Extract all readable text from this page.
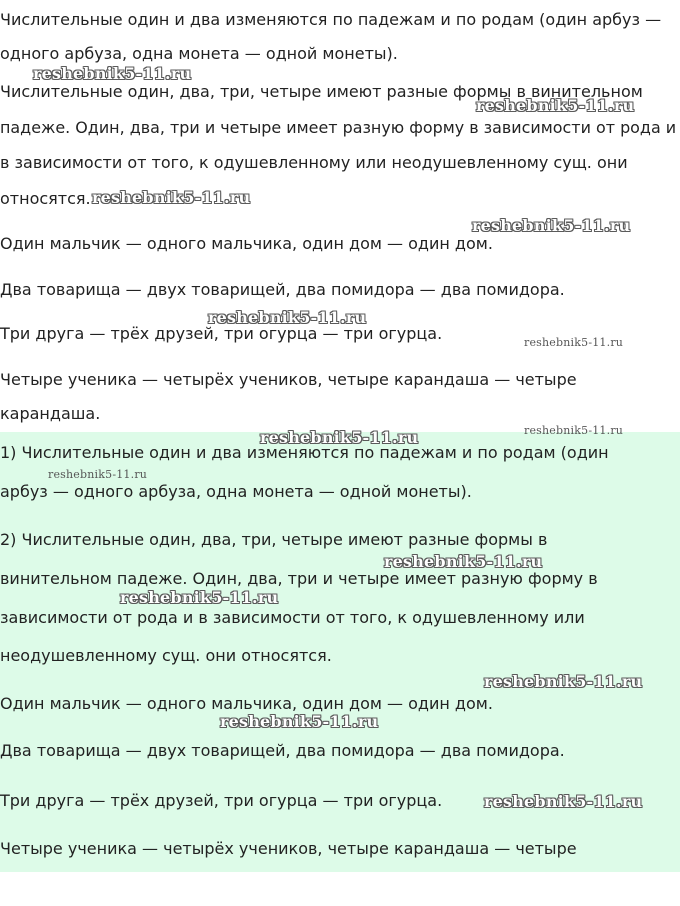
Числительные один и два изменяются по падежам и по родам (один арбуз —
одного арбуза, одна монета — одной монеты).
Числительные один, два, три, четыре имеют разные формы в винительном
падеже. Один, два, три и четыре имеет разную форму в зависимости от рода и
в зависимости от того, к одушевленному или неодушевленному сущ. они
относятся.
Один мальчик — одного мальчика, один дом — один дом.
Два товарища — двух товарищей, два помидора — два помидора.
Три друга — трёх друзей, три огурца — три огурца.
Четыре ученика — четырёх учеников, четыре карандаша — четыре
карандаша.
1) Числительные один и два изменяются по падежам и по родам (один
арбуз — одного арбуза, одна монета — одной монеты).
2) Числительные один, два, три, четыре имеют разные формы в
винительном падеже. Один, два, три и четыре имеет разную форму в
зависимости от рода и в зависимости от того, к одушевленному или
неодушевленному сущ. они относятся.
Один мальчик — одного мальчика, один дом — один дом.
Два товарища — двух товарищей, два помидора — два помидора.
Три друга — трёх друзей, три огурца — три огурца.
Четыре ученика — четырёх учеников, четыре карандаша — четыре
reshebnik5-11.ru
reshebnik5-11.ru
reshebnik5-11.ru
reshebnik5-11.ru
reshebnik5-11.ru
reshebnik5-11.ru
reshebnik5-11.ru	reshebnik5-11.ru
reshebnik5-11.ru
reshebnik5-11.ru
reshebnik5-11.ru
reshebnik5-11.ru
reshebnik5-11.ru
reshebnik5-11.ru
